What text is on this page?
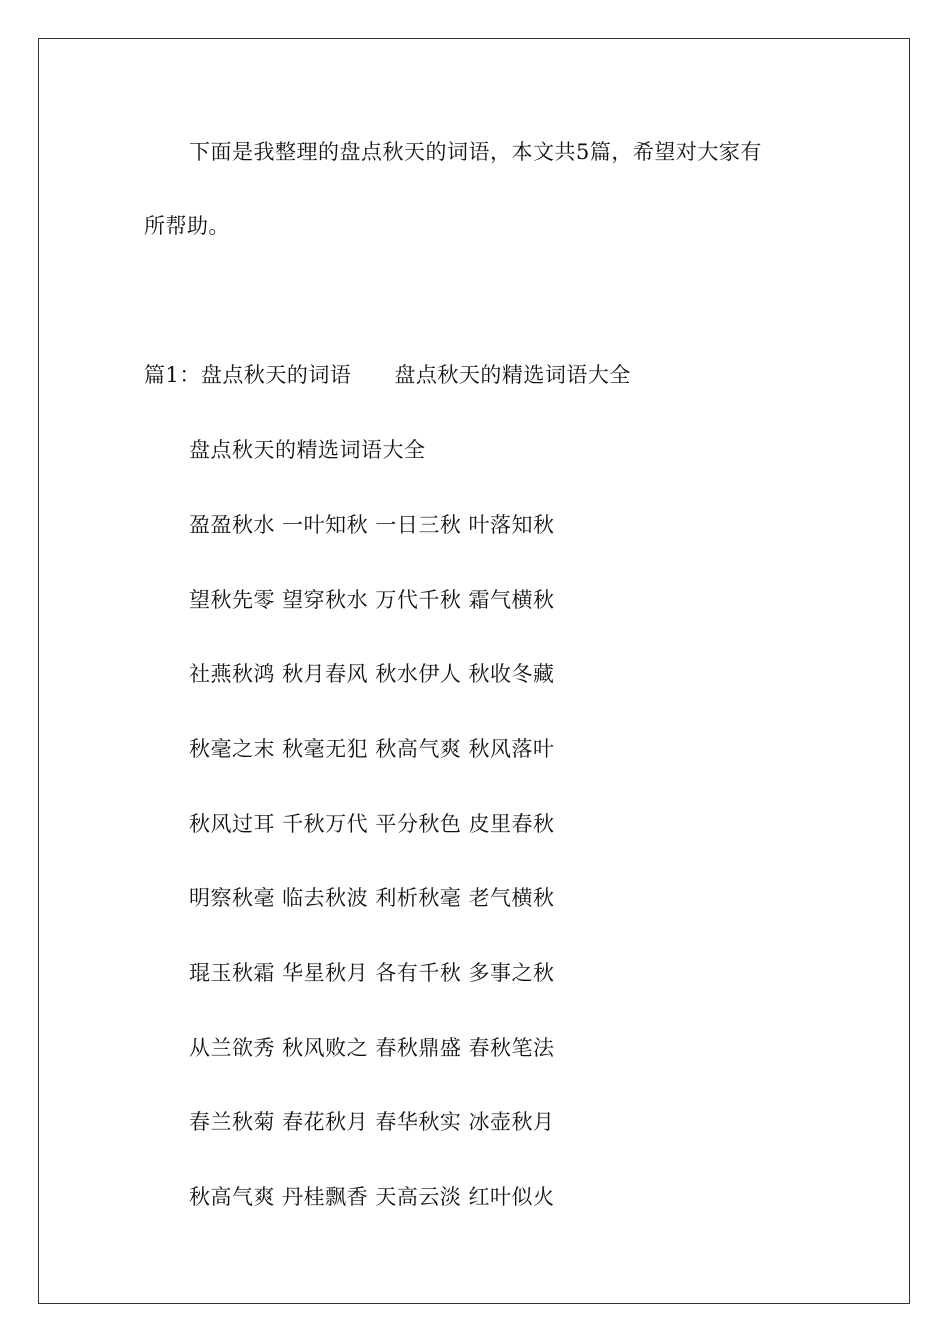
下面是我整理的盘点秋天的词语，本文共5篇，希望对大家有
所帮助。
篇1：盘点秋天的词语　　盘点秋天的精选词语大全
盘点秋天的精选词语大全
盈盈秋水 一叶知秋 一日三秋 叶落知秋
望秋先零 望穿秋水 万代千秋 霜气横秋
社燕秋鸿 秋月春风 秋水伊人 秋收冬藏
秋毫之末 秋毫无犯 秋高气爽 秋风落叶
秋风过耳 千秋万代 平分秋色 皮里春秋
明察秋毫 临去秋波 利析秋毫 老气横秋
琨玉秋霜 华星秋月 各有千秋 多事之秋
从兰欲秀 秋风败之 春秋鼎盛 春秋笔法
春兰秋菊 春花秋月 春华秋实 冰壶秋月
秋高气爽 丹桂飘香 天高云淡 红叶似火
